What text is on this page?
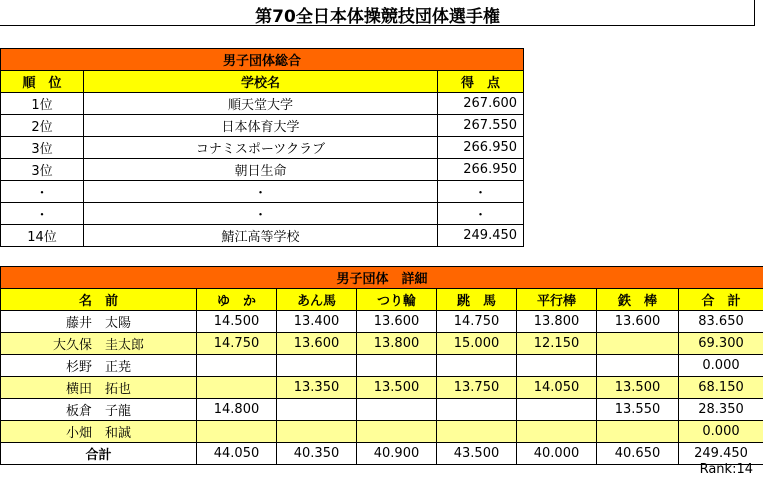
第70全日本体操競技団体選手権
男子団体総合		
順　位	学校名	得　点
1位	順天堂大学	267.600
2位	日本体育大学	267.550
3位	コナミスポーツクラブ	266.950
3位	朝日生命	266.950
・	・	・
・	・	・
14位	鯖江高等学校	249.450
男子団体　詳細							
名　前	ゆ　か	あん馬	つり輪	跳　馬	平行棒	鉄　棒	合　計
藤井　太陽	14.500	13.400	13.600	14.750	13.800	13.600	83.650
大久保　圭太郎	14.750	13.600	13.800	15.000	12.150		69.300
杉野　正尭							0.000
横田　拓也		13.350	13.500	13.750	14.050	13.500	68.150
板倉　子龍	14.800					13.550	28.350
小畑　和誠							0.000
合計	44.050	40.350	40.900	43.500	40.000	40.650	249.450
Rank:14
